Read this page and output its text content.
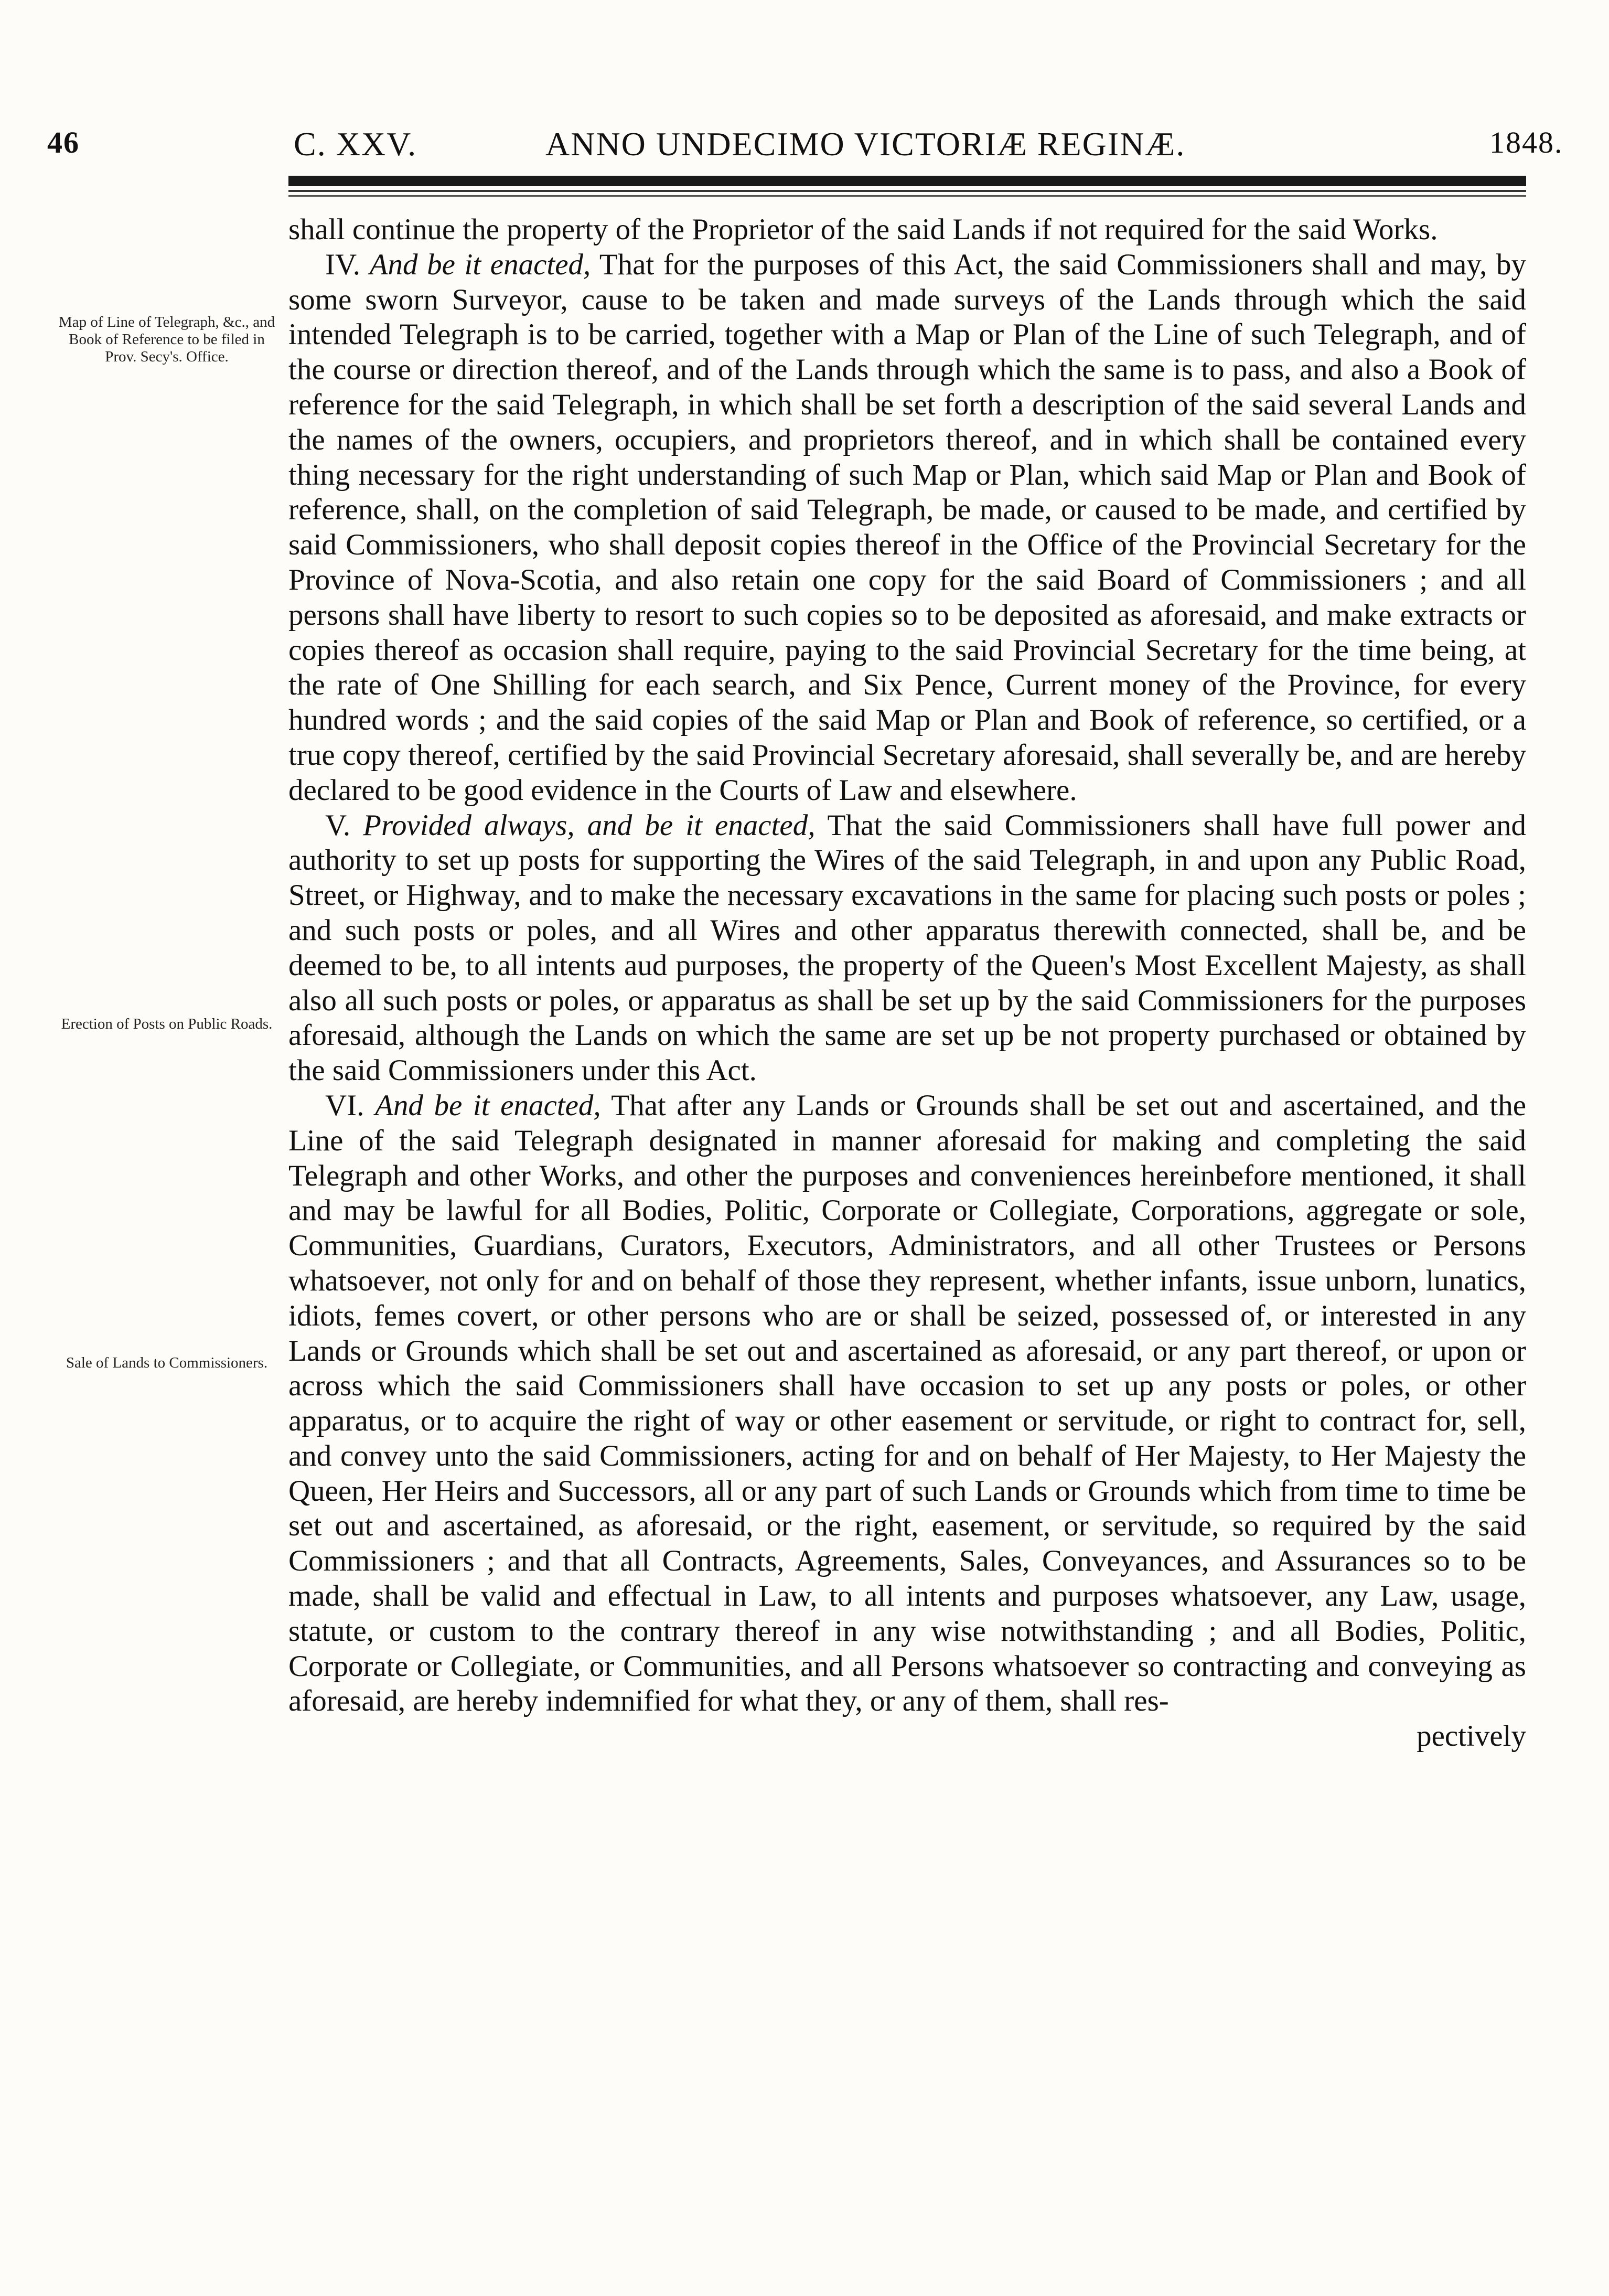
46	C. XXV.	ANNO UNDECIMO VICTORIÆ REGINÆ.	1848.
Map of Line of Telegraph, &c., and Book of Reference to be filed in Prov. Secy's. Office.
Erection of Posts on Public Roads.
Sale of Lands to Commissioners.

shall continue the property of the Proprietor of the said Lands if not required for the said Works.

IV. And be it enacted, That for the purposes of this Act, the said Commissioners shall and may, by some sworn Surveyor, cause to be taken and made surveys of the Lands through which the said intended Telegraph is to be carried, together with a Map or Plan of the Line of such Telegraph, and of the course or direction thereof, and of the Lands through which the same is to pass, and also a Book of reference for the said Telegraph, in which shall be set forth a description of the said several Lands and the names of the owners, occupiers, and proprietors thereof, and in which shall be contained every thing necessary for the right understanding of such Map or Plan, which said Map or Plan and Book of reference, shall, on the completion of said Telegraph, be made, or caused to be made, and certified by said Commissioners, who shall deposit copies thereof in the Office of the Provincial Secretary for the Province of Nova-Scotia, and also retain one copy for the said Board of Commissioners ; and all persons shall have liberty to resort to such copies so to be deposited as aforesaid, and make extracts or copies thereof as occasion shall require, paying to the said Provincial Secretary for the time being, at the rate of One Shilling for each search, and Six Pence, Current money of the Province, for every hundred words ; and the said copies of the said Map or Plan and Book of reference, so certified, or a true copy thereof, certified by the said Provincial Secretary aforesaid, shall severally be, and are hereby declared to be good evidence in the Courts of Law and elsewhere.

V. Provided always, and be it enacted, That the said Commissioners shall have full power and authority to set up posts for supporting the Wires of the said Telegraph, in and upon any Public Road, Street, or Highway, and to make the necessary excavations in the same for placing such posts or poles ; and such posts or poles, and all Wires and other apparatus therewith connected, shall be, and be deemed to be, to all intents aud purposes, the property of the Queen's Most Excellent Majesty, as shall also all such posts or poles, or apparatus as shall be set up by the said Commissioners for the purposes aforesaid, although the Lands on which the same are set up be not property purchased or obtained by the said Commissioners under this Act.

VI. And be it enacted, That after any Lands or Grounds shall be set out and ascertained, and the Line of the said Telegraph designated in manner aforesaid for making and completing the said Telegraph and other Works, and other the purposes and conveniences hereinbefore mentioned, it shall and may be lawful for all Bodies, Politic, Corporate or Collegiate, Corporations, aggregate or sole, Communities, Guardians, Curators, Executors, Administrators, and all other Trustees or Persons whatsoever, not only for and on behalf of those they represent, whether infants, issue unborn, lunatics, idiots, femes covert, or other persons who are or shall be seized, possessed of, or interested in any Lands or Grounds which shall be set out and ascertained as aforesaid, or any part thereof, or upon or across which the said Commissioners shall have occasion to set up any posts or poles, or other apparatus, or to acquire the right of way or other easement or servitude, or right to contract for, sell, and convey unto the said Commissioners, acting for and on behalf of Her Majesty, to Her Majesty the Queen, Her Heirs and Successors, all or any part of such Lands or Grounds which from time to time be set out and ascertained, as aforesaid, or the right, easement, or servitude, so required by the said Commissioners ; and that all Contracts, Agreements, Sales, Conveyances, and Assurances so to be made, shall be valid and effectual in Law, to all intents and purposes whatsoever, any Law, usage, statute, or custom to the contrary thereof in any wise notwithstanding ; and all Bodies, Politic, Corporate or Collegiate, or Communities, and all Persons whatsoever so contracting and conveying as aforesaid, are hereby indemnified for what they, or any of them, shall res-

pectively
